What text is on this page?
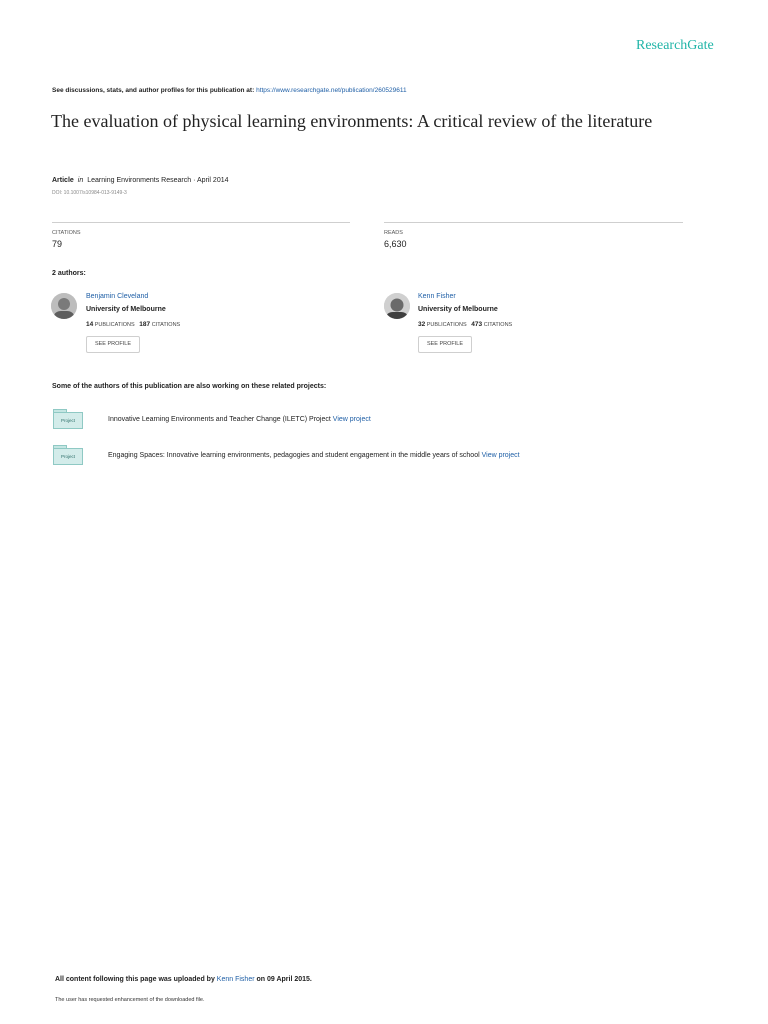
ResearchGate
See discussions, stats, and author profiles for this publication at: https://www.researchgate.net/publication/260529611
The evaluation of physical learning environments: A critical review of the literature
Article in Learning Environments Research · April 2014
DOI: 10.1007/s10984-013-9149-3
CITATIONS
79
READS
6,630
2 authors:
Benjamin Cleveland
University of Melbourne
14 PUBLICATIONS 187 CITATIONS
SEE PROFILE
Kenn Fisher
University of Melbourne
32 PUBLICATIONS 473 CITATIONS
SEE PROFILE
Some of the authors of this publication are also working on these related projects:
Project	Innovative Learning Environments and Teacher Change (ILETC) Project View project
Project	Engaging Spaces: Innovative learning environments, pedagogies and student engagement in the middle years of school View project
All content following this page was uploaded by Kenn Fisher on 09 April 2015.
The user has requested enhancement of the downloaded file.
